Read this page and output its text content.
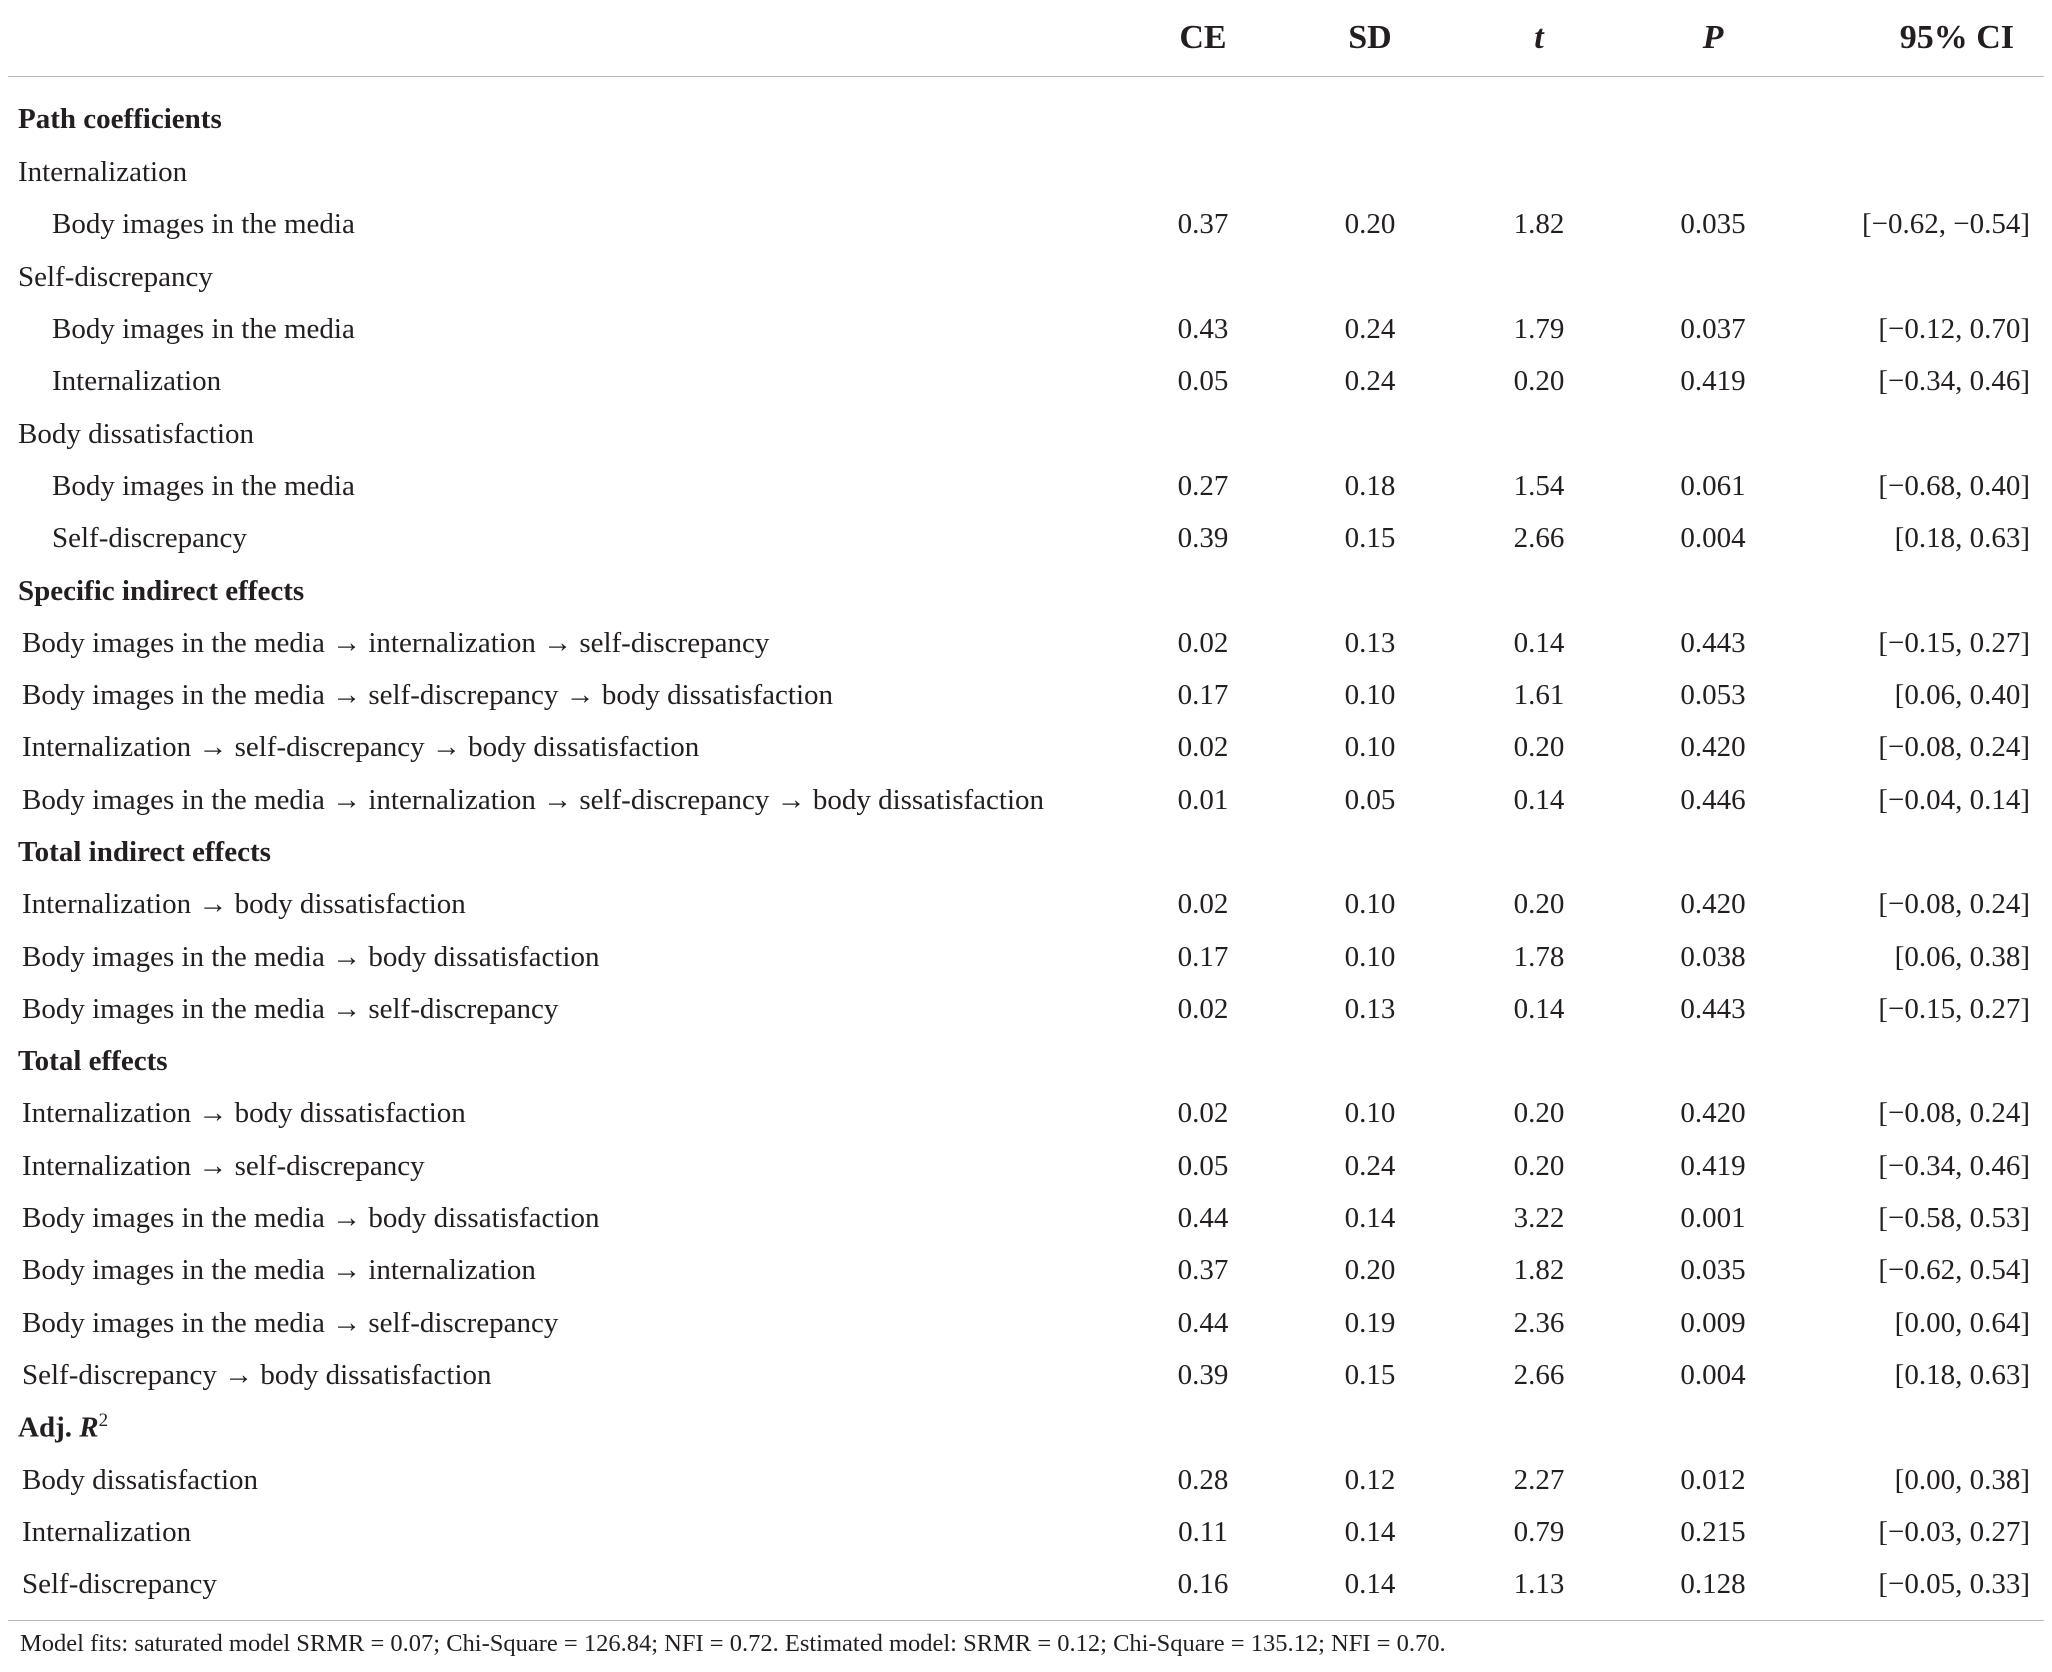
	CE	SD	t	P	95% CI
Path coefficients					
Internalization					
Body images in the media	0.37	0.20	1.82	0.035	[−0.62, −0.54]
Self-discrepancy					
Body images in the media	0.43	0.24	1.79	0.037	[−0.12, 0.70]
Internalization	0.05	0.24	0.20	0.419	[−0.34, 0.46]
Body dissatisfaction					
Body images in the media	0.27	0.18	1.54	0.061	[−0.68, 0.40]
Self-discrepancy	0.39	0.15	2.66	0.004	[0.18, 0.63]
Specific indirect effects					
Body images in the media → internalization → self-discrepancy	0.02	0.13	0.14	0.443	[−0.15, 0.27]
Body images in the media → self-discrepancy → body dissatisfaction	0.17	0.10	1.61	0.053	[0.06, 0.40]
Internalization → self-discrepancy → body dissatisfaction	0.02	0.10	0.20	0.420	[−0.08, 0.24]
Body images in the media → internalization → self-discrepancy → body dissatisfaction	0.01	0.05	0.14	0.446	[−0.04, 0.14]
Total indirect effects					
Internalization → body dissatisfaction	0.02	0.10	0.20	0.420	[−0.08, 0.24]
Body images in the media → body dissatisfaction	0.17	0.10	1.78	0.038	[0.06, 0.38]
Body images in the media → self-discrepancy	0.02	0.13	0.14	0.443	[−0.15, 0.27]
Total effects					
Internalization → body dissatisfaction	0.02	0.10	0.20	0.420	[−0.08, 0.24]
Internalization → self-discrepancy	0.05	0.24	0.20	0.419	[−0.34, 0.46]
Body images in the media → body dissatisfaction	0.44	0.14	3.22	0.001	[−0.58, 0.53]
Body images in the media → internalization	0.37	0.20	1.82	0.035	[−0.62, 0.54]
Body images in the media → self-discrepancy	0.44	0.19	2.36	0.009	[0.00, 0.64]
Self-discrepancy → body dissatisfaction	0.39	0.15	2.66	0.004	[0.18, 0.63]
Adj. $R^2$					
Body dissatisfaction	0.28	0.12	2.27	0.012	[0.00, 0.38]
Internalization	0.11	0.14	0.79	0.215	[−0.03, 0.27]
Self-discrepancy	0.16	0.14	1.13	0.128	[−0.05, 0.33]
Model fits: saturated model SRMR = 0.07; Chi-Square = 126.84; NFI = 0.72. Estimated model: SRMR = 0.12; Chi-Square = 135.12; NFI = 0.70.
